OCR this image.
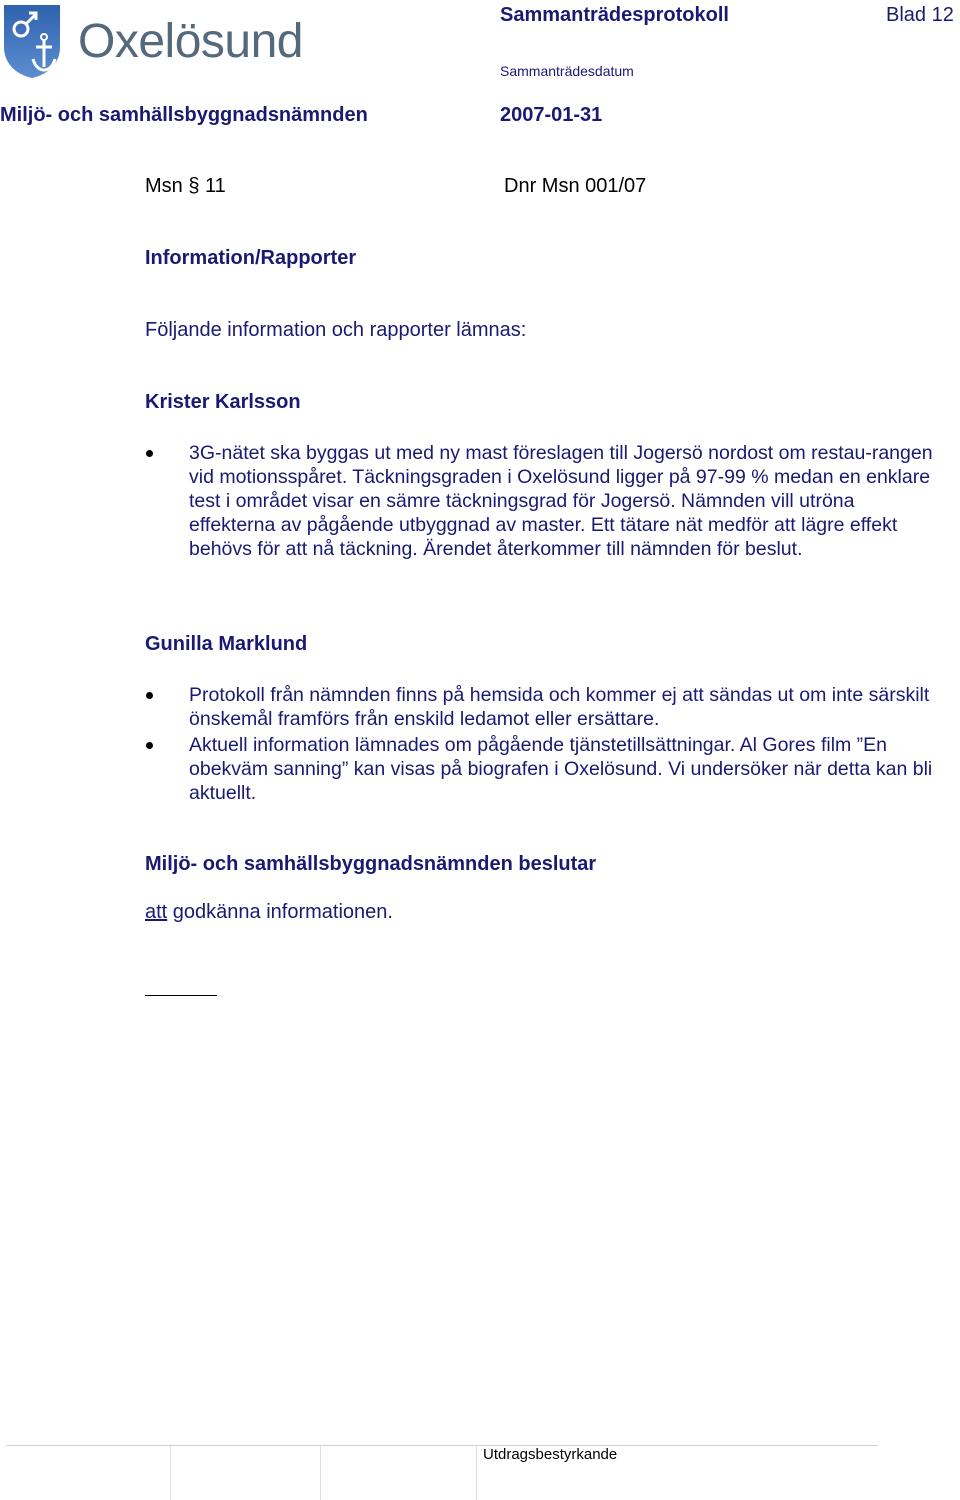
Oxelösund	Sammanträdesprotokoll	Blad 12
Sammanträdesdatum
Miljö- och samhällsbyggnadsnämnden	2007-01-31
Msn § 11	Dnr Msn 001/07
Information/Rapporter
Följande information och rapporter lämnas:
Krister Karlsson
3G-nätet ska byggas ut med ny mast föreslagen till Jogersö nordost om restau-rangen vid motionsspåret. Täckningsgraden i Oxelösund ligger på 97-99 % medan en enklare test i området visar en sämre täckningsgrad för Jogersö. Nämnden vill utröna effekterna av pågående utbyggnad av master. Ett tätare nät medför att lägre effekt behövs för att nå täckning. Ärendet återkommer till nämnden för beslut.
Gunilla Marklund
Protokoll från nämnden finns på hemsida och kommer ej att sändas ut om inte särskilt önskemål framförs från enskild ledamot eller ersättare.
Aktuell information lämnades om pågående tjänstetillsättningar. Al Gores film ”En obekväm sanning” kan visas på biografen i Oxelösund. Vi undersöker när detta kan bli aktuellt.
Miljö- och samhällsbyggnadsnämnden beslutar
att godkänna informationen.
Utdragsbestyrkande
